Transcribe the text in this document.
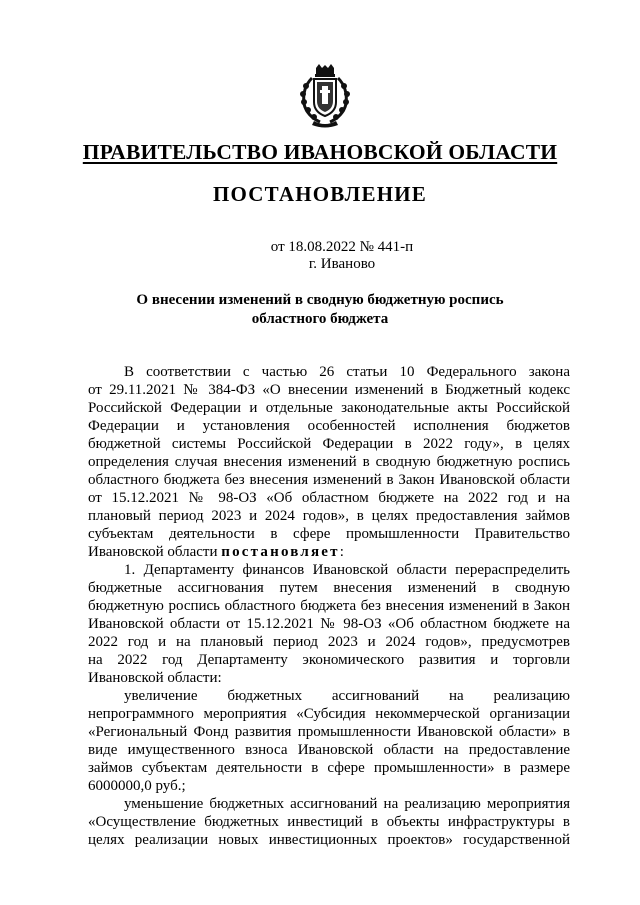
ПРАВИТЕЛЬСТВО ИВАНОВСКОЙ ОБЛАСТИ
ПОСТАНОВЛЕНИЕ
от 18.08.2022 № 441-п
г. Иваново
О внесении изменений в сводную бюджетную роспись
областного бюджета
В соответствии с частью 26 статьи 10 Федерального закона
от 29.11.2021 № 384-ФЗ «О внесении изменений в Бюджетный кодекс
Российской Федерации и отдельные законодательные акты Российской
Федерации и установления особенностей исполнения бюджетов
бюджетной системы Российской Федерации в 2022 году», в целях
определения случая внесения изменений в сводную бюджетную роспись
областного бюджета без внесения изменений в Закон Ивановской области
от 15.12.2021 № 98-ОЗ «Об областном бюджете на 2022 год и на
плановый период 2023 и 2024 годов», в целях предоставления займов
субъектам деятельности в сфере промышленности Правительство
Ивановской области постановляет:
1. Департаменту финансов Ивановской области перераспределить
бюджетные ассигнования путем внесения изменений в сводную
бюджетную роспись областного бюджета без внесения изменений в Закон
Ивановской области от 15.12.2021 № 98-ОЗ «Об областном бюджете на
2022 год и на плановый период 2023 и 2024 годов», предусмотрев
на 2022 год Департаменту экономического развития и торговли
Ивановской области:
увеличение бюджетных ассигнований на реализацию
непрограммного мероприятия «Субсидия некоммерческой организации
«Региональный Фонд развития промышленности Ивановской области» в
виде имущественного взноса Ивановской области на предоставление
займов субъектам деятельности в сфере промышленности» в размере
6000000,0 руб.;
уменьшение бюджетных ассигнований на реализацию мероприятия
«Осуществление бюджетных инвестиций в объекты инфраструктуры в
целях реализации новых инвестиционных проектов» государственной
